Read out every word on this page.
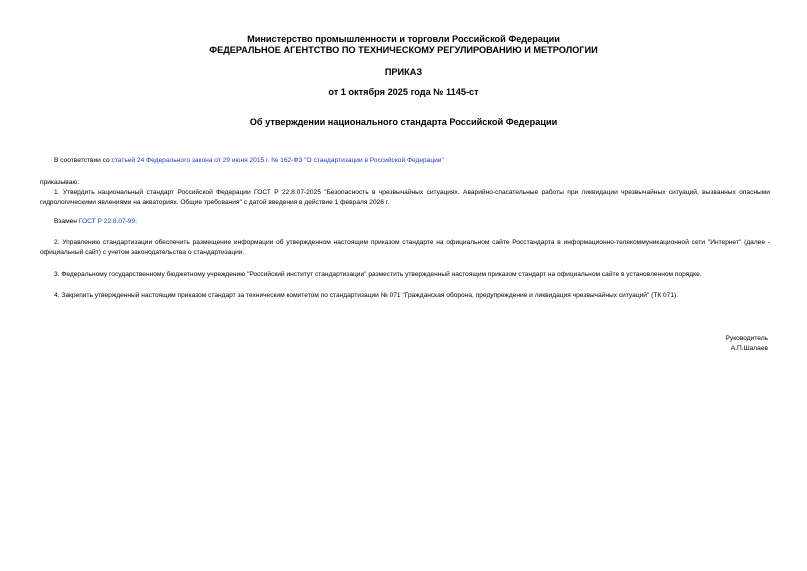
Министерство промышленности и торговли Российской Федерации

ФЕДЕРАЛЬНОЕ АГЕНТСТВО ПО ТЕХНИЧЕСКОМУ РЕГУЛИРОВАНИЮ И МЕТРОЛОГИИ

ПРИКАЗ

от 1 октября 2025 года № 1145-ст

Об утверждении национального стандарта Российской Федерации

В соответствии со статьей 24 Федерального закона от 29 июня 2015 г. № 162-ФЗ "О стандартизации в Российской Федерации"

приказываю:

1. Утвердить национальный стандарт Российской Федерации ГОСТ Р 22.8.07-2025 "Безопасность в чрезвычайных ситуациях. Аварийно-спасательные работы при ликвидации чрезвычайных ситуаций, вызванных опасными гидрологическими явлениями на акваториях. Общие требования" с датой введения в действие 1 февраля 2026 г.

Взамен ГОСТ Р 22.8.07-99.

2. Управлению стандартизации обеспечить размещение информации об утвержденном настоящим приказом стандарте на официальном сайте Росстандарта в информационно-телекоммуникационной сети "Интернет" (далее - официальный сайт) с учетом законодательства о стандартизации.

3. Федеральному государственному бюджетному учреждению "Российский институт стандартизации" разместить утвержденный настоящим приказом стандарт на официальном сайте в установленном порядке.

4. Закрепить утвержденный настоящим приказом стандарт за техническим комитетом по стандартизации № 071 "Гражданская оборона, предупреждение и ликвидация чрезвычайных ситуаций" (ТК 071).

Руководитель

А.П.Шалаев
